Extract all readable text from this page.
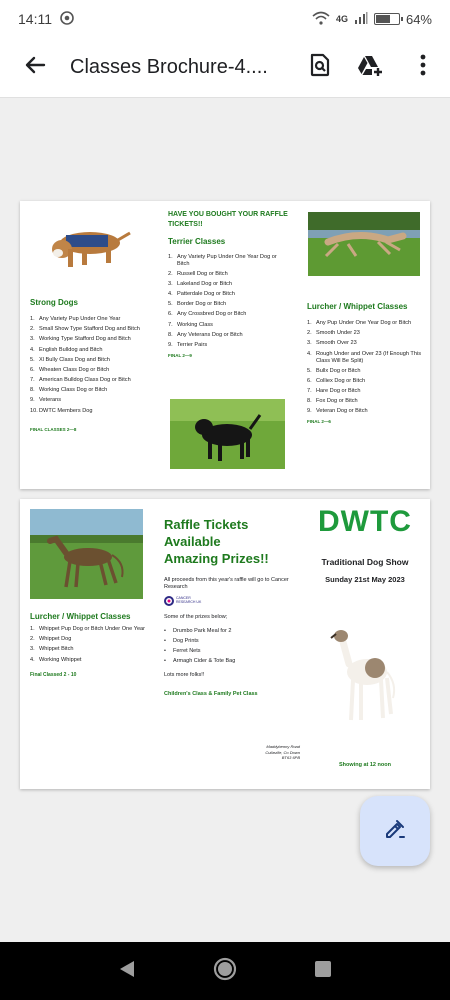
14:11	4G	64%
Classes Brochure-4....
Strong Dogs
1. Any Variety Pup Under One Year
2. Small Show Type Stafford Dog and Bitch
3. Working Type Stafford Dog and Bitch
4. English Bulldog and Bitch
5. Xl Bully Class Dog and Bitch
6. Wheaten Class Dog or Bitch
7. American Bulldog Class Dog or Bitch
8. Working Class Dog or Bitch
9. Veterans
10. DWTC Members Dog
FINAL CLASSES 2—8
HAVE YOU BOUGHT YOUR RAFFLE TICKETS!!
Terrier Classes
1. Any Variety Pup Under One Year Dog or Bitch
2. Russell Dog or Bitch
3. Lakeland Dog or Bitch
4. Patterdale Dog or Bitch
5. Border Dog or Bitch
6. Any Crossbred Dog or Bitch
7. Working Class
8. Any Veterans Dog or Bitch
9. Terrier Pairs
FINAL 2—9
Lurcher / Whippet Classes
1. Any Pup Under One Year Dog or Bitch
2. Smooth Under 23
3. Smooth Over 23
4. Rough Under and Over 23 (If Enough This Class Will Be Split)
5. Bullx Dog or Bitch
6. Colliex Dog or Bitch
7. Hare Dog or Bitch
8. Fox Dog or Bitch
9. Veteran Dog or Bitch
FINAL 2—6
Lurcher / Whippet Classes
1. Whippet Pup Dog or Bitch Under One Year
2. Whippet Dog
3. Whippet Bitch
4. Working Whippet
Final Classed 2 - 10
Raffle Tickets
Available
Amazing Prizes!!
All proceeds from this year's raffle will go to Cancer Research
CANCER RESEARCH UK
Some of the prizes below;
• Drumbo Park Meal for 2
• Dog Prints
• Ferret Nets
• Armagh Cider & Tote Bag
Lots more folks!!
Children's Class & Family Pet Class
Maddybenny Road
Cullaville, Co Down
BT63 6PB
DWTC
Traditional Dog Show
Sunday 21st May 2023
Showing at 12 noon
